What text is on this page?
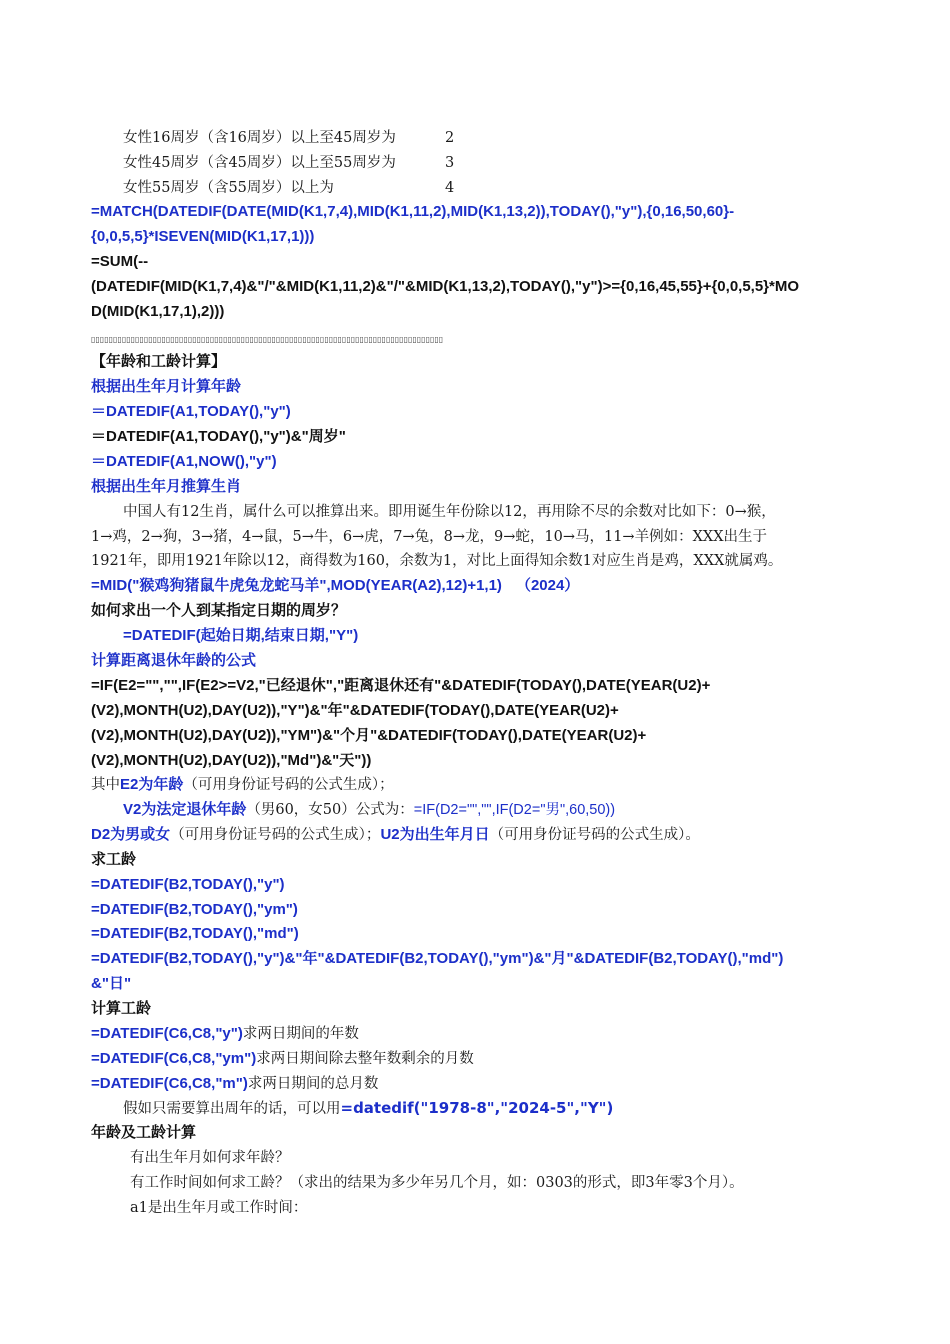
女性16周岁（含16周岁）以上至45周岁为	2
女性45周岁（含45周岁）以上至55周岁为	3
女性55周岁（含55周岁）以上为	4
=MATCH(DATEDIF(DATE(MID(K1,7,4),MID(K1,11,2),MID(K1,13,2)),TODAY(),"y"),{0,16,50,60}-
{0,0,5,5}*ISEVEN(MID(K1,17,1)))
=SUM(--
(DATEDIF(MID(K1,7,4)&"/"&MID(K1,11,2)&"/"&MID(K1,13,2),TODAY(),"y")>={0,16,45,55}+{0,0,5,5}*MO
D(MID(K1,17,1),2)))
▯▯▯▯▯▯▯▯▯▯▯▯▯▯▯▯▯▯▯▯▯▯▯▯▯▯▯▯▯▯▯▯▯▯▯▯▯▯▯▯▯▯▯▯▯▯▯▯▯▯▯▯▯▯▯▯▯▯▯▯▯▯▯▯▯▯▯▯▯▯▯▯▯▯▯▯▯▯▯▯
【年龄和工龄计算】
根据出生年月计算年龄
＝DATEDIF(A1,TODAY(),"y")
＝DATEDIF(A1,TODAY(),"y")&"周岁"
＝DATEDIF(A1,NOW(),"y")
根据出生年月推算生肖
中国人有12生肖，属什么可以推算出来。即用诞生年份除以12，再用除不尽的余数对比如下：0→猴，
1→鸡，2→狗，3→猪，4→鼠，5→牛，6→虎，7→兔，8→龙，9→蛇，10→马，11→羊例如：XXX出生于
1921年，即用1921年除以12，商得数为160，余数为1，对比上面得知余数1对应生肖是鸡，XXX就属鸡。
=MID("猴鸡狗猪鼠牛虎兔龙蛇马羊",MOD(YEAR(A2),12)+1,1) （2024）
如何求出一个人到某指定日期的周岁？
=DATEDIF(起始日期,结束日期,"Y")
计算距离退休年龄的公式
=IF(E2="","",IF(E2>=V2,"已经退休","距离退休还有"&DATEDIF(TODAY(),DATE(YEAR(U2)+
(V2),MONTH(U2),DAY(U2)),"Y")&"年"&DATEDIF(TODAY(),DATE(YEAR(U2)+
(V2),MONTH(U2),DAY(U2)),"YM")&"个月"&DATEDIF(TODAY(),DATE(YEAR(U2)+
(V2),MONTH(U2),DAY(U2)),"Md")&"天"))
其中E2为年龄（可用身份证号码的公式生成）；
V2为法定退休年龄（男60，女50）公式为：=IF(D2="","",IF(D2="男",60,50))
D2为男或女（可用身份证号码的公式生成）；U2为出生年月日（可用身份证号码的公式生成）。
求工龄
=DATEDIF(B2,TODAY(),"y")
=DATEDIF(B2,TODAY(),"ym")
=DATEDIF(B2,TODAY(),"md")
=DATEDIF(B2,TODAY(),"y")&"年"&DATEDIF(B2,TODAY(),"ym")&"月"&DATEDIF(B2,TODAY(),"md")
&"日"
计算工龄
=DATEDIF(C6,C8,"y")求两日期间的年数
=DATEDIF(C6,C8,"ym")求两日期间除去整年数剩余的月数
=DATEDIF(C6,C8,"m")求两日期间的总月数
假如只需要算出周年的话，可以用=datedif("1978-8","2024-5","Y")
年龄及工龄计算
有出生年月如何求年龄？
有工作时间如何求工龄？（求出的结果为多少年另几个月，如：0303的形式，即3年零3个月）。
a1是出生年月或工作时间：
